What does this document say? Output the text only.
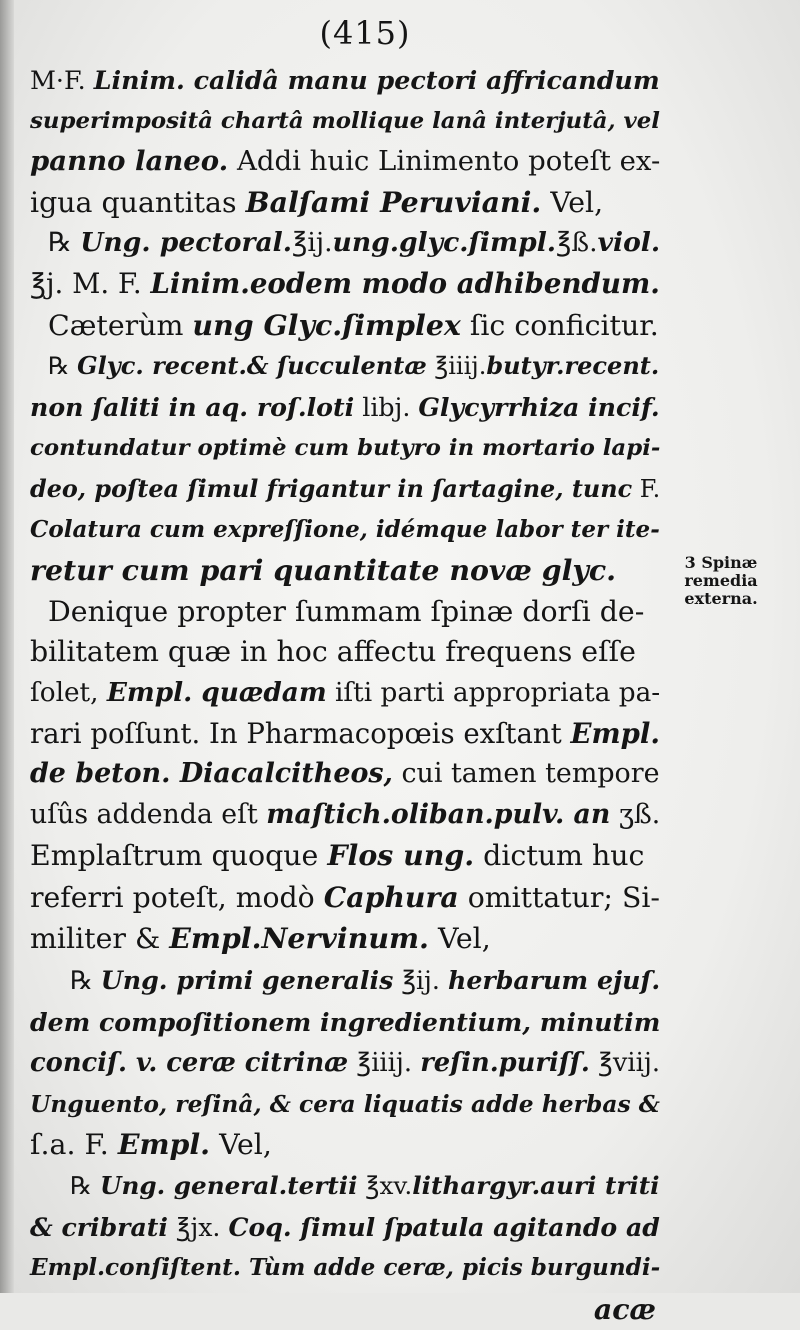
(415)
M·F. Linim. calidâ manu pectori affricandum
superimpositâ chartâ mollique lanâ interjutâ, vel
panno laneo. Addi huic Linimento poteſt ex-
igua quantitas Balſami Peruviani. Vel,
℞ Ung. pectoral.℥ij.ung.glyc.ſimpl.℥ß.viol.
℥j. M. F. Linim.eodem modo adhibendum.
Cæterùm ung Glyc.ſimplex ſic conficitur.
℞ Glyc. recent.& ſucculentæ ℥iiij.butyr.recent.
non ſaliti in aq. roſ.loti libj. Glycyrrhiza incif.
contundatur optimè cum butyro in mortario lapi-
deo, poſtea ſimul frigantur in ſartagine, tunc F.
Colatura cum expreſſione, idémque labor ter ite-
retur cum pari quantitate novæ glyc.
Denique propter ſummam ſpinæ dorſi de-
bilitatem quæ in hoc affectu frequens eſſe
ſolet, Empl. quædam iſti parti appropriata pa-
rari poſſunt. In Pharmacopœis exſtant Empl.
de beton. Diacalcitheos, cui tamen tempore
uſûs addenda eſt maſtich.oliban.pulv. an ʒß.
Emplaſtrum quoque Flos ung. dictum huc
referri poteſt, modò Caphura omittatur; Si-
militer & Empl.Nervinum. Vel,
℞ Ung. primi generalis ℥ij. herbarum ejuſ.
dem compoſitionem ingredientium, minutim
conciſ. v. ceræ citrinæ ℥iiij. reſin.puriſſ. ℥viij.
Unguento, reſinâ, & cera liquatis adde herbas &
ſ.a. F. Empl. Vel,
℞ Ung. general.tertii ℥xv.lithargyr.auri triti
& cribrati ℥jx. Coq. ſimul ſpatula agitando ad
Empl.conſiſtent. Tùm adde ceræ, picis burgundi-
acæ
3 Spinæ
remedia
externa.
